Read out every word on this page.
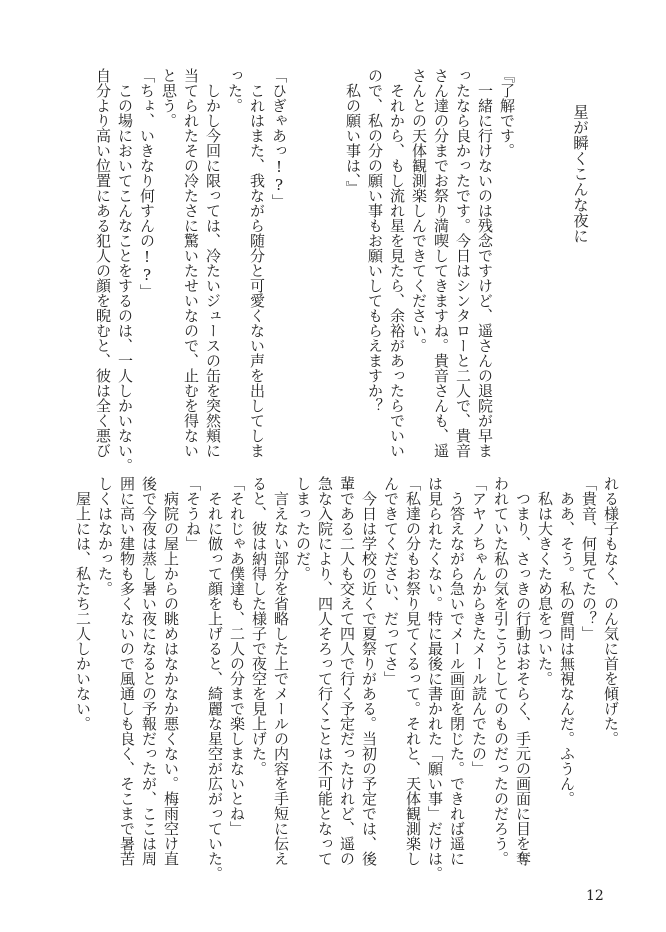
星が瞬くこんな夜に
『了解です。
　一緒に行けないのは残念ですけど、遥さんの退院が早ま
ったなら良かったです。今日はシンタローと二人で、貴音
さん達の分までお祭り満喫してきますね。貴音さんも、遥
さんとの天体観測楽しんできてください。
　それから、もし流れ星を見たら、余裕があったらでいい
ので、私の分の願い事もお願いしてもらえますか？
　私の願い事は、』
「ひぎゃあっ!?」
　これはまた、我ながら随分と可愛くない声を出してしま
った。
　しかし今回に限っては、冷たいジュースの缶を突然頬に
当てられたその冷たさに驚いたせいなので、止むを得ない
と思う。
「ちょ、いきなり何すんの!?」
　この場においてこんなことをするのは、一人しかいない。
自分より高い位置にある犯人の顔を睨むと、彼は全く悪び
れる様子もなく、のん気に首を傾げた。
「貴音、何見てたの？」
　ああ、そう。私の質問は無視なんだ。ふうん。
　私は大きくため息をついた。
　つまり、さっきの行動はおそらく、手元の画面に目を奪
われていた私の気を引こうとしてのものだったのだろう。
「アヤノちゃんからきたメール読んでたの」
　う答えながら急いでメール画面を閉じた。できれば遥に
は見られたくない。特に最後に書かれた「願い事」だけは。
「私達の分もお祭り見てくるって。それと、天体観測楽し
んできてください、だってさ」
　今日は学校の近くで夏祭りがある。当初の予定では、後
輩である二人も交えて四人で行く予定だったけれど、遥の
急な入院により、四人そろって行くことは不可能となって
しまったのだ。
　言えない部分を省略した上でメールの内容を手短に伝え
ると、彼は納得した様子で夜空を見上げた。
「それじゃあ僕達も、二人の分まで楽しまないとね」
　それに倣って顔を上げると、綺麗な星空が広がっていた。
「そうね」
　病院の屋上からの眺めはなかなか悪くない。梅雨空け直
後で今夜は蒸し暑い夜になるとの予報だったが、ここは周
囲に高い建物も多くないので風通しも良く、そこまで暑苦
しくはなかった。
　屋上には、私たち二人しかいない。
12
